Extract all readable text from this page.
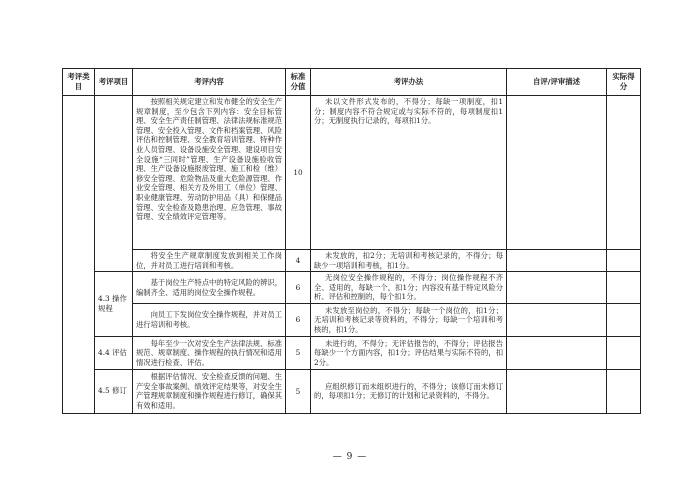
考评类目	考评项目	考评内容	标准分值	考评办法	自评/评审描述	实际得分
		按照相关规定建立和发布健全的安全生产规章制度，至少包含下列内容：安全目标管理、安全生产责任制管理、法律法规标准规范管理、安全投入管理、文件和档案管理、风险评估和控制管理、安全教育培训管理、特种作业人员管理、设备设施安全管理、建设项目安全设施“三同时”管理、生产设备设施验收管理、生产设备设施报废管理、施工和检（维）修安全管理、危险物品及重大危险源管理、作业安全管理、相关方及外用工（单位）管理、职业健康管理、劳动防护用品（具）和保健品管理、安全检查及隐患治理、应急管理、事故管理、安全绩效评定管理等。	10	未以文件形式发布的，不得分；每缺一项制度，扣1分；制度内容不符合规定或与实际不符的，每项制度扣1分；无制度执行记录的，每项扣1分。		
		将安全生产规章制度发放到相关工作岗位，并对员工进行培训和考核。	4	未发放的，扣2分；无培训和考核记录的，不得分；每缺少一项培训和考核，扣1分。		
	4.3 操作规程	基于岗位生产特点中的特定风险的辨识，编制齐全、适用的岗位安全操作规程。	6	无岗位安全操作规程的，不得分；岗位操作规程不齐全、适用的，每缺一个，扣1分；内容没有基于特定风险分析、评估和控制的，每个扣1分。		
		向员工下发岗位安全操作规程，并对员工进行培训和考核。	6	未发放至岗位的，不得分；每缺一个岗位的，扣1分；无培训和考核记录等资料的，不得分；每缺一个培训和考核的，扣1分。		
	4.4 评估	每年至少一次对安全生产法律法规、标准规范、规章制度、操作规程的执行情况和适用情况进行检查、评估。	5	未进行的，不得分；无评估报告的，不得分；评估报告每缺少一个方面内容，扣1分；评估结果与实际不符的，扣2分。		
	4.5 修订	根据评估情况、安全检查反馈的问题、生产安全事故案例、绩效评定结果等，对安全生产管理规章制度和操作规程进行修订，确保其有效和适用。	5	应组织修订而未组织进行的，不得分；该修订而未修订的，每项扣1分；无修订的计划和记录资料的，不得分。		
— 9 —
